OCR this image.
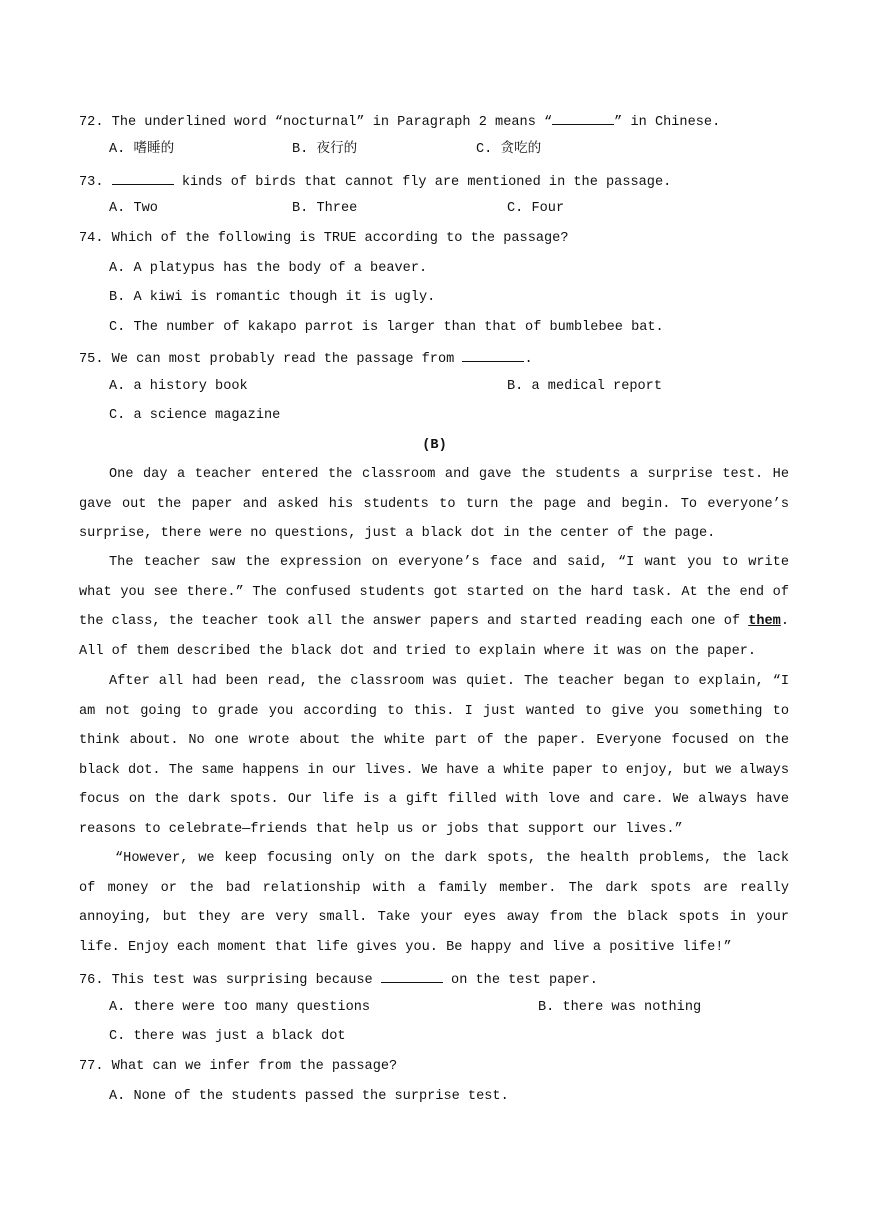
72. The underlined word “nocturnal” in Paragraph 2 means “	” in Chinese.
A. 嗜睡的	B. 夜行的	C. 贪吃的
73.	kinds of birds that cannot fly are mentioned in the passage.
A. Two	B. Three	C. Four
74. Which of the following is TRUE according to the passage?
A. A platypus has the body of a beaver.
B. A kiwi is romantic though it is ugly.
C. The number of kakapo parrot is larger than that of bumblebee bat.
75. We can most probably read the passage from	.
A. a history book	B. a medical report
C. a science magazine
(B)
One day a teacher entered the classroom and gave the students a surprise test. He gave out the paper and asked his students to turn the page and begin. To everyone’s surprise, there were no questions, just a black dot in the center of the page.
The teacher saw the expression on everyone’s face and said, “I want you to write what you see there.” The confused students got started on the hard task. At the end of the class, the teacher took all the answer papers and started reading each one of them. All of them described the black dot and tried to explain where it was on the paper.
After all had been read, the classroom was quiet. The teacher began to explain, “I am not going to grade you according to this. I just wanted to give you something to think about. No one wrote about the white part of the paper. Everyone focused on the black dot. The same happens in our lives. We have a white paper to enjoy, but we always focus on the dark spots. Our life is a gift filled with love and care. We always have reasons to celebrate—friends that help us or jobs that support our lives.”
“However, we keep focusing only on the dark spots, the health problems, the lack of money or the bad relationship with a family member. The dark spots are really annoying, but they are very small. Take your eyes away from the black spots in your life. Enjoy each moment that life gives you. Be happy and live a positive life!”
76. This test was surprising because	on the test paper.
A. there were too many questions	B. there was nothing
C. there was just a black dot
77. What can we infer from the passage?
A. None of the students passed the surprise test.
